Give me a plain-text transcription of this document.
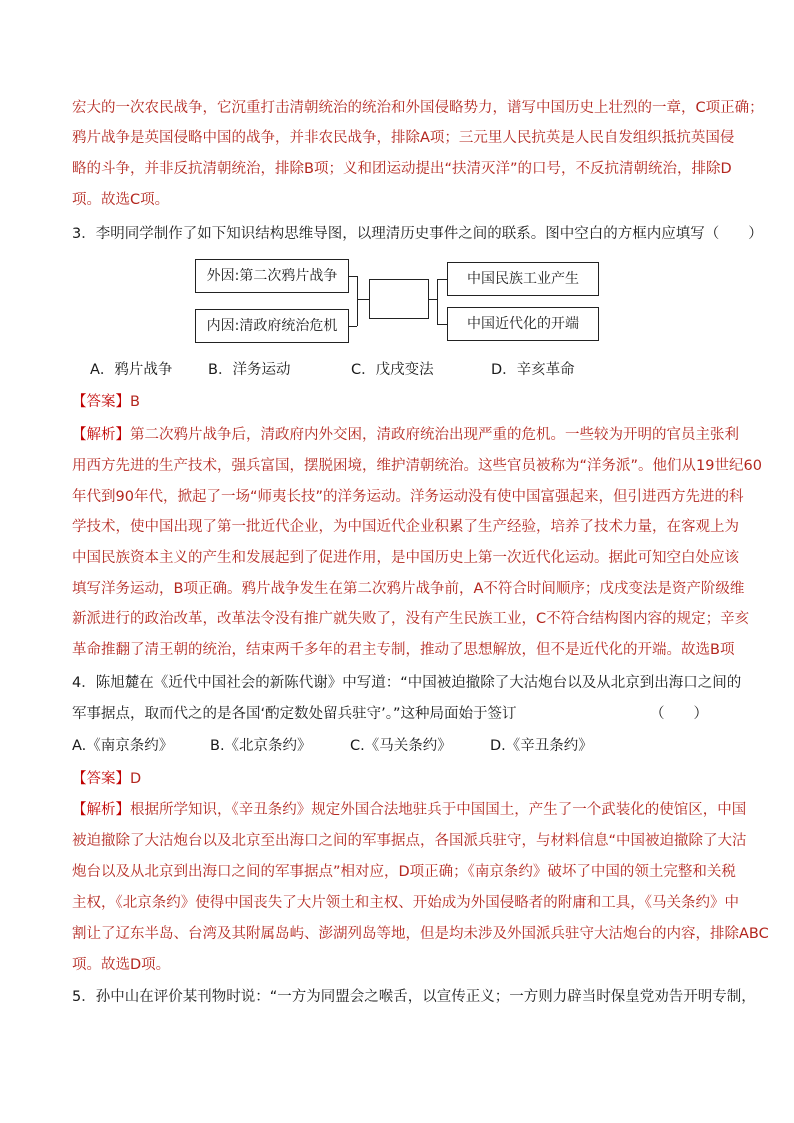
宏大的一次农民战争，它沉重打击清朝统治的统治和外国侵略势力，谱写中国历史上壮烈的一章，C项正确；
鸦片战争是英国侵略中国的战争，并非农民战争，排除A项；三元里人民抗英是人民自发组织抵抗英国侵
略的斗争，并非反抗清朝统治，排除B项；义和团运动提出“扶清灭洋”的口号，不反抗清朝统治，排除D
项。故选C项。
3．李明同学制作了如下知识结构思维导图，以理清历史事件之间的联系。图中空白的方框内应填写（　　）
外因:第二次鸦片战争
内因:清政府统治危机
中国民族工业产生
中国近代化的开端
A．鸦片战争 B．洋务运动	C．戊戌变法	D．辛亥革命
【答案】B
【解析】第二次鸦片战争后，清政府内外交困，清政府统治出现严重的危机。一些较为开明的官员主张利
用西方先进的生产技术，强兵富国，摆脱困境，维护清朝统治。这些官员被称为“洋务派”。他们从19世纪60
年代到90年代，掀起了一场“师夷长技”的洋务运动。洋务运动没有使中国富强起来，但引进西方先进的科
学技术，使中国出现了第一批近代企业，为中国近代企业积累了生产经验，培养了技术力量，在客观上为
中国民族资本主义的产生和发展起到了促进作用，是中国历史上第一次近代化运动。据此可知空白处应该
填写洋务运动，B项正确。鸦片战争发生在第二次鸦片战争前，A不符合时间顺序；戊戌变法是资产阶级维
新派进行的政治改革，改革法令没有推广就失败了，没有产生民族工业，C不符合结构图内容的规定；辛亥
革命推翻了清王朝的统治，结束两千多年的君主专制，推动了思想解放，但不是近代化的开端。故选B项
4．陈旭麓在《近代中国社会的新陈代谢》中写道：“中国被迫撤除了大沽炮台以及从北京到出海口之间的
军事据点，取而代之的是各国‘酌定数处留兵驻守’。”这种局面始于签订	（　　）
A.《南京条约》	B.《北京条约》	C.《马关条约》	D.《辛丑条约》
【答案】D
【解析】根据所学知识，《辛丑条约》规定外国合法地驻兵于中国国土，产生了一个武装化的使馆区，中国
被迫撤除了大沽炮台以及北京至出海口之间的军事据点，各国派兵驻守，与材料信息“中国被迫撤除了大沽
炮台以及从北京到出海口之间的军事据点”相对应，D项正确；《南京条约》破坏了中国的领土完整和关税
主权，《北京条约》使得中国丧失了大片领土和主权、开始成为外国侵略者的附庸和工具，《马关条约》中
割让了辽东半岛、台湾及其附属岛屿、澎湖列岛等地，但是均未涉及外国派兵驻守大沽炮台的内容，排除ABC
项。故选D项。
5．孙中山在评价某刊物时说：“一方为同盟会之喉舌，以宣传正义；一方则力辟当时保皇党劝告开明专制，
